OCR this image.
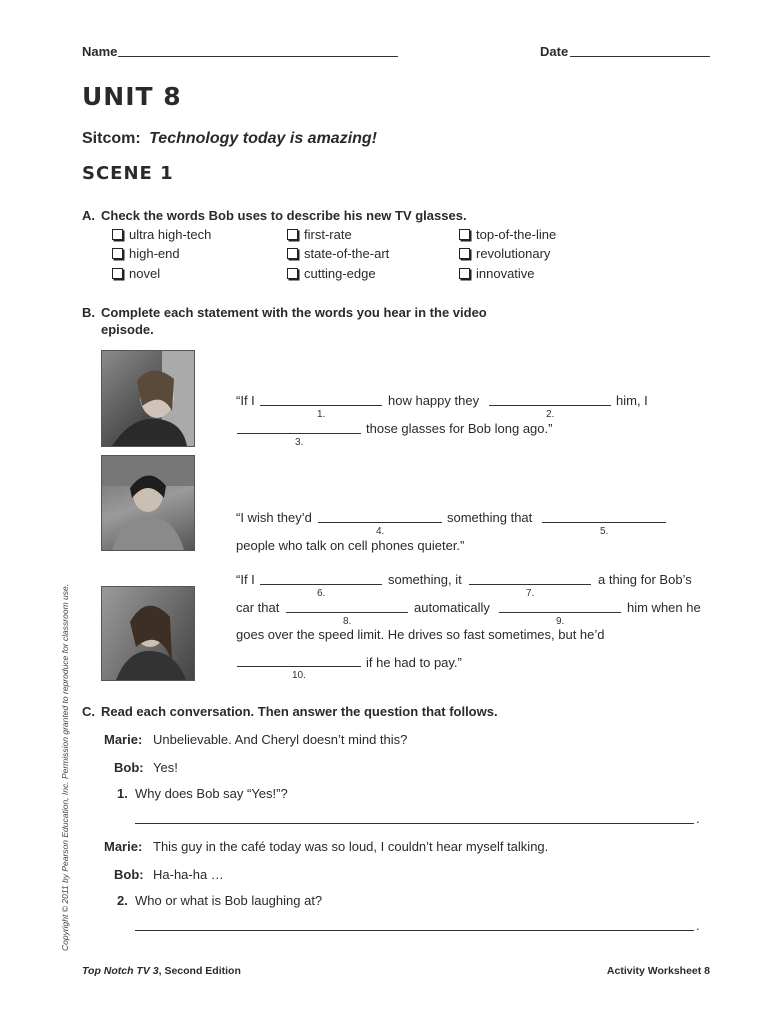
Name	Date
UNIT 8
Sitcom: Technology today is amazing!
SCENE 1
A. Check the words Bob uses to describe his new TV glasses.
ultra high-tech	first-rate	top-of-the-line
high-end	state-of-the-art	revolutionary
novel	cutting-edge	innovative
B. Complete each statement with the words you hear in the video
episode.
“If I
1.
how happy they
2.
him, I
3.
those glasses for Bob long ago.”
“I wish they’d
4.
something that
5.
people who talk on cell phones quieter.”
“If I
6.
something, it
7.
a thing for Bob’s
car that
8.
automatically
9.
him when he
goes over the speed limit. He drives so fast sometimes, but he’d
10.
if he had to pay.”
C. Read each conversation. Then answer the question that follows.
Marie: Unbelievable. And Cheryl doesn’t mind this?
Bob: Yes!
1. Why does Bob say “Yes!”?
.
Marie: This guy in the café today was so loud, I couldn’t hear myself talking.
Bob: Ha-ha-ha …
2. Who or what is Bob laughing at?
.
Copyright © 2011 by Pearson Education, Inc. Permission granted to reproduce for classroom use.
Top Notch TV 3, Second Edition	Activity Worksheet 8
